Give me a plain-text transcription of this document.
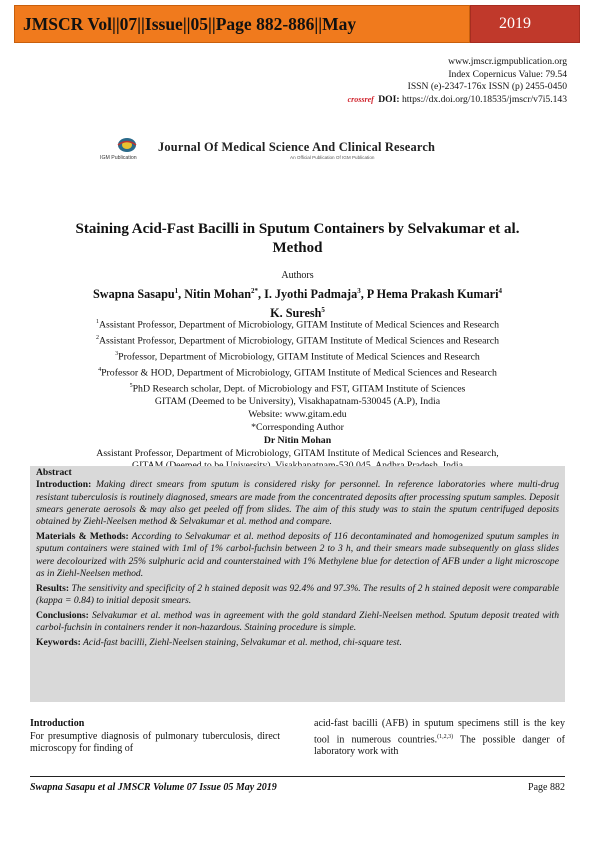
JMSCR Vol||07||Issue||05||Page 882-886||May	2019
www.jmscr.igmpublication.org
Index Copernicus Value: 79.54
ISSN (e)-2347-176x ISSN (p) 2455-0450
crossref DOI: https://dx.doi.org/10.18535/jmscr/v7i5.143
Journal Of Medical Science And Clinical Research
IGM Publication	An Official Publication Of IGM Publication
Staining Acid-Fast Bacilli in Sputum Containers by Selvakumar et al.
Method
Authors
Swapna Sasapu$^1$, Nitin Mohan$^{2*}$, I. Jyothi Padmaja$^3$, P Hema Prakash Kumari$^4$
K. Suresh$^5$
$^1$Assistant Professor, Department of Microbiology, GITAM Institute of Medical Sciences and Research
$^2$Assistant Professor, Department of Microbiology, GITAM Institute of Medical Sciences and Research
$^3$Professor, Department of Microbiology, GITAM Institute of Medical Sciences and Research
$^4$Professor & HOD, Department of Microbiology, GITAM Institute of Medical Sciences and Research
$^5$PhD Research scholar, Dept. of Microbiology and FST, GITAM Institute of Sciences
GITAM (Deemed to be University), Visakhapatnam-530045 (A.P), India
Website: www.gitam.edu
*Corresponding Author
Dr Nitin Mohan
Assistant Professor, Department of Microbiology, GITAM Institute of Medical Sciences and Research,

Abstract

Introduction: Making direct smears from sputum is considered risky for personnel. In reference laboratories where multi-drug resistant tuberculosis is routinely diagnosed, smears are made from the concentrated deposits after processing sputum samples. Deposit smears generate aerosols & may also get peeled off from slides. The aim of this study was to stain the sputum centrifuged deposits obtained by Ziehl-Neelsen method & Selvakumar et al. method and compare.

Materials & Methods: According to Selvakumar et al. method deposits of 116 decontaminated and homogenized sputum samples in sputum containers were stained with 1ml of 1% carbol-fuchsin between 2 to 3 h, and their smears made subsequently on glass slides were decolourized with 25% sulphuric acid and counterstained with 1% Methylene blue for detection of AFB under a light microscope as in Ziehl-Neelsen method.

Results: The sensitivity and specificity of 2 h stained deposit was 92.4% and 97.3%. The results of 2 h stained deposit were comparable (kappa = 0.84) to initial deposit smears.

Conclusions: Selvakumar et al. method was in agreement with the gold standard Ziehl-Neelsen method. Sputum deposit treated with carbol-fuchsin in containers render it non-hazardous. Staining procedure is simple.

Keywords: Acid-fast bacilli, Ziehl-Neelsen staining, Selvakumar et al. method, chi-square test.

Introduction
For presumptive diagnosis of pulmonary tuberculosis, direct microscopy for finding of
acid-fast bacilli (AFB) in sputum specimens still is the key tool in numerous countries.$^{(1,2,3)}$ The possible danger of laboratory work with
Swapna Sasapu et al JMSCR Volume 07 Issue 05 May 2019	Page 882
